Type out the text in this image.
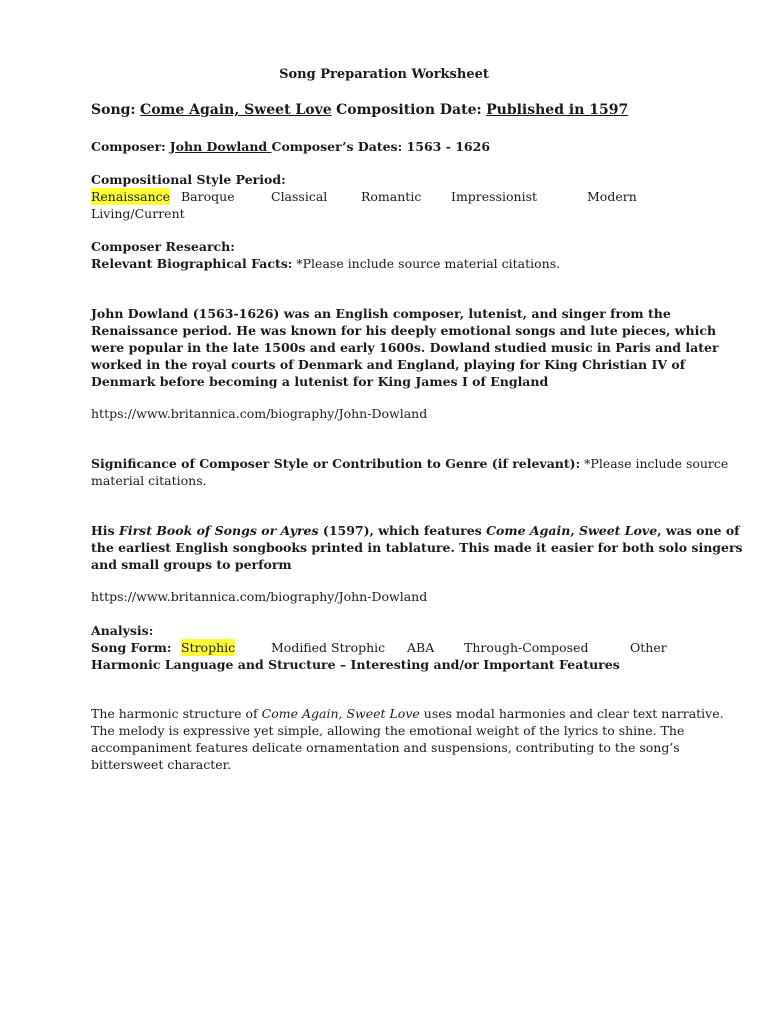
Song Preparation Worksheet
Song: Come Again, Sweet Love Composition Date: Published in 1597
Composer: John Dowland Composer’s Dates: 1563 - 1626
Compositional Style Period:
Renaissance Baroque	Classical	Romantic Impressionist	Modern
Living/Current
Composer Research:
Relevant Biographical Facts: *Please include source material citations.
John Dowland (1563-1626) was an English composer, lutenist, and singer from the
Renaissance period. He was known for his deeply emotional songs and lute pieces, which
were popular in the late 1500s and early 1600s. Dowland studied music in Paris and later
worked in the royal courts of Denmark and England, playing for King Christian IV of
Denmark before becoming a lutenist for King James I of England
https://www.britannica.com/biography/John-Dowland
Significance of Composer Style or Contribution to Genre (if relevant): *Please include source
material citations.
His First Book of Songs or Ayres (1597), which features Come Again, Sweet Love, was one of
the earliest English songbooks printed in tablature. This made it easier for both solo singers
and small groups to perform
https://www.britannica.com/biography/John-Dowland
Analysis:
Song Form: Strophic	Modified Strophic ABA Through-Composed	Other
Harmonic Language and Structure – Interesting and/or Important Features
The harmonic structure of Come Again, Sweet Love uses modal harmonies and clear text narrative.
The melody is expressive yet simple, allowing the emotional weight of the lyrics to shine. The
accompaniment features delicate ornamentation and suspensions, contributing to the song’s
bittersweet character.
